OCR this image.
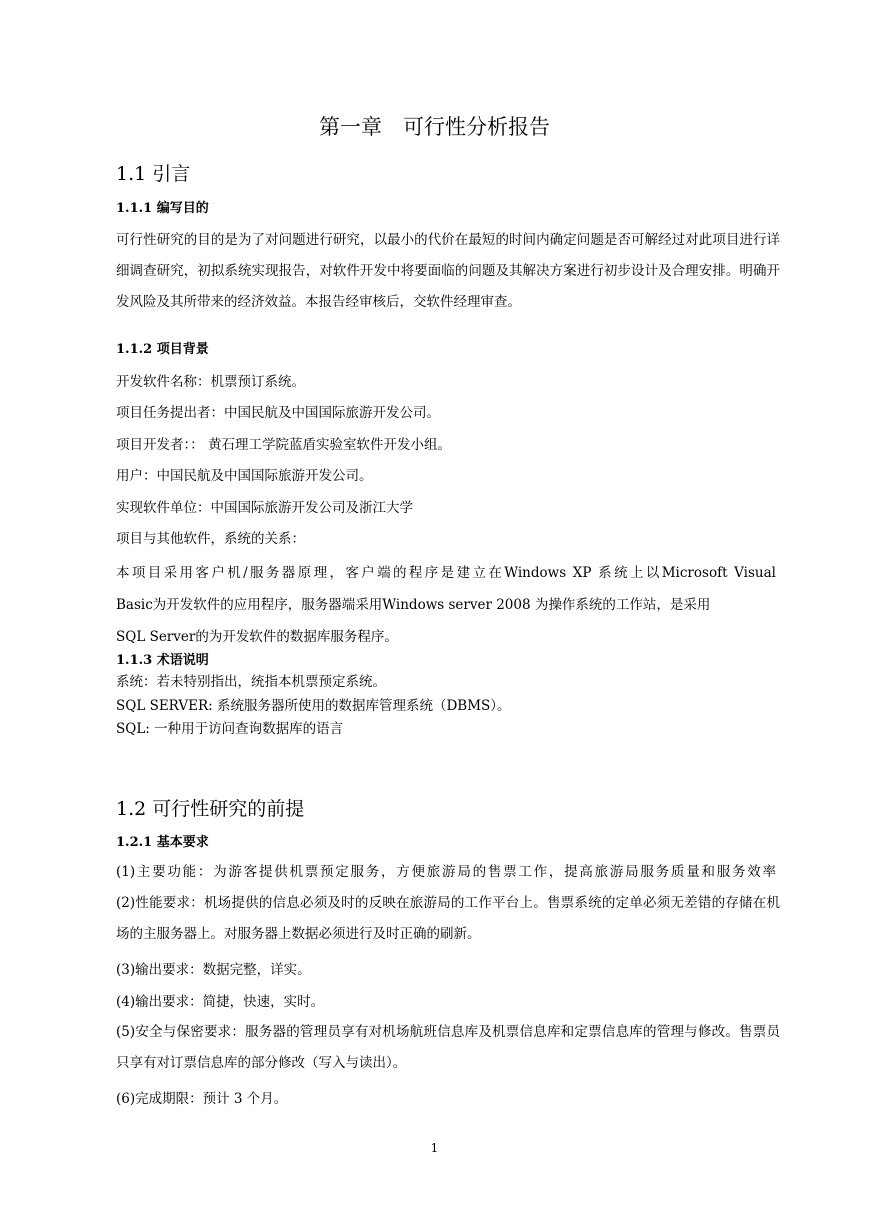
第一章　可行性分析报告
1.1 引言
1.1.1 编写目的

可行性研究的目的是为了对问题进行研究，以最小的代价在最短的时间内确定问题是否可解经过对此项目进行详细调查研究，初拟系统实现报告，对软件开发中将要面临的问题及其解决方案进行初步设计及合理安排。明确开发风险及其所带来的经济效益。本报告经审核后，交软件经理审查。

1.1.2 项目背景
开发软件名称：机票预订系统。
项目任务提出者：中国民航及中国国际旅游开发公司。
项目开发者：： 黄石理工学院蓝盾实验室软件开发小组。
用户：中国民航及中国国际旅游开发公司。
实现软件单位：中国国际旅游开发公司及浙江大学
项目与其他软件，系统的关系：
本项目采用客户机/服务器原理，客户端的程序是建立在Windows XP 系统上以Microsoft Visual
Basic为开发软件的应用程序，服务器端采用Windows server 2008 为操作系统的工作站，是采用
SQL Server的为开发软件的数据库服务程序。
1.1.3 术语说明
系统：若未特别指出，统指本机票预定系统。
SQL SERVER: 系统服务器所使用的数据库管理系统（DBMS）。
SQL: 一种用于访问查询数据库的语言
1.2 可行性研究的前提
1.2.1 基本要求
(1)主要功能：为游客提供机票预定服务，方便旅游局的售票工作，提高旅游局服务质量和服务效率

(2)性能要求：机场提供的信息必须及时的反映在旅游局的工作平台上。售票系统的定单必须无差错的存储在机场的主服务器上。对服务器上数据必须进行及时正确的刷新。

(3)输出要求：数据完整，详实。
(4)输出要求：简捷，快速，实时。

(5)安全与保密要求：服务器的管理员享有对机场航班信息库及机票信息库和定票信息库的管理与修改。售票员只享有对订票信息库的部分修改（写入与读出）。

(6)完成期限：预计 3 个月。
1
